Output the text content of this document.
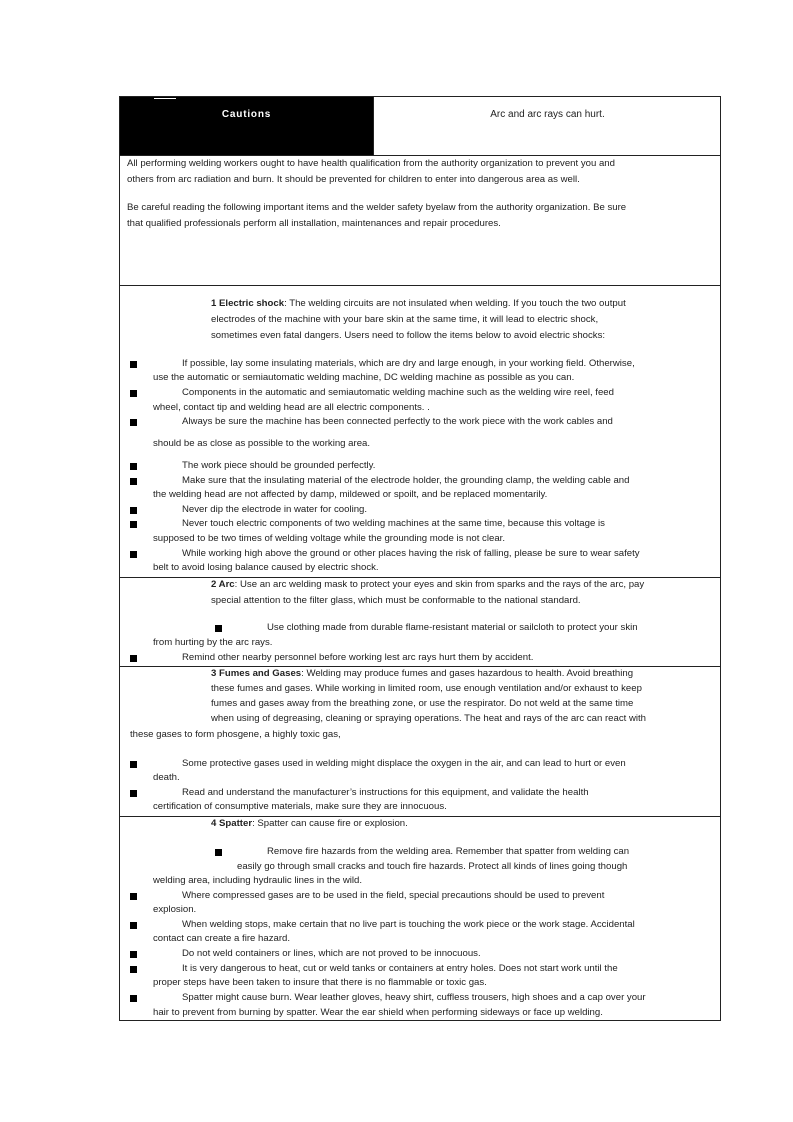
Cautions	Arc and arc rays can hurt.
All performing welding workers ought to have health qualification from the authority organization to prevent you and
others from arc radiation and burn. It should be prevented for children to enter into dangerous area as well.
Be careful reading the following important items and the welder safety byelaw from the authority organization. Be sure
that qualified professionals perform all installation, maintenances and repair procedures.
1 Electric shock: The welding circuits are not insulated when welding. If you touch the two output
electrodes of the machine with your bare skin at the same time, it will lead to electric shock,
sometimes even fatal dangers. Users need to follow the items below to avoid electric shocks:
If possible, lay some insulating materials, which are dry and large enough, in your working field. Otherwise,
use the automatic or semiautomatic welding machine, DC welding machine as possible as you can.
Components in the automatic and semiautomatic welding machine such as the welding wire reel, feed
wheel, contact tip and welding head are all electric components. .
Always be sure the machine has been connected perfectly to the work piece with the work cables and
should be as close as possible to the working area.
The work piece should be grounded perfectly.
Make sure that the insulating material of the electrode holder, the grounding clamp, the welding cable and
the welding head are not affected by damp, mildewed or spoilt, and be replaced momentarily.
Never dip the electrode in water for cooling.
Never touch electric components of two welding machines at the same time, because this voltage is
supposed to be two times of welding voltage while the grounding mode is not clear.
While working high above the ground or other places having the risk of falling, please be sure to wear safety
belt to avoid losing balance caused by electric shock.
2 Arc: Use an arc welding mask to protect your eyes and skin from sparks and the rays of the arc, pay
special attention to the filter glass, which must be conformable to the national standard.
Use clothing made from durable flame-resistant material or sailcloth to protect your skin
from hurting by the arc rays.
Remind other nearby personnel before working lest arc rays hurt them by accident.
3 Fumes and Gases: Welding may produce fumes and gases hazardous to health. Avoid breathing
these fumes and gases. While working in limited room, use enough ventilation and/or exhaust to keep
fumes and gases away from the breathing zone, or use the respirator. Do not weld at the same time
when using of degreasing, cleaning or spraying operations. The heat and rays of the arc can react with
these gases to form phosgene, a highly toxic gas,
Some protective gases used in welding might displace the oxygen in the air, and can lead to hurt or even
death.
Read and understand the manufacturer’s instructions for this equipment, and validate the health
certification of consumptive materials, make sure they are innocuous.
4 Spatter: Spatter can cause fire or explosion.
Remove fire hazards from the welding area. Remember that spatter from welding can
easily go through small cracks and touch fire hazards. Protect all kinds of lines going though
welding area, including hydraulic lines in the wild.
Where compressed gases are to be used in the field, special precautions should be used to prevent
explosion.
When welding stops, make certain that no live part is touching the work piece or the work stage. Accidental
contact can create a fire hazard.
Do not weld containers or lines, which are not proved to be innocuous.
It is very dangerous to heat, cut or weld tanks or containers at entry holes. Does not start work until the
proper steps have been taken to insure that there is no flammable or toxic gas.
Spatter might cause burn. Wear leather gloves, heavy shirt, cuffless trousers, high shoes and a cap over your
hair to prevent from burning by spatter. Wear the ear shield when performing sideways or face up welding.
